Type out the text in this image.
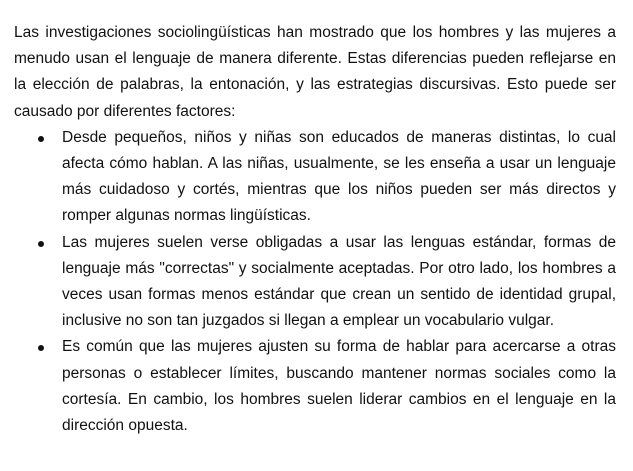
Las investigaciones sociolingüísticas han mostrado que los hombres y las mujeres a menudo usan el lenguaje de manera diferente. Estas diferencias pueden reflejarse en la elección de palabras, la entonación, y las estrategias discursivas. Esto puede ser causado por diferentes factores:

Desde pequeños, niños y niñas son educados de maneras distintas, lo cual afecta cómo hablan. A las niñas, usualmente, se les enseña a usar un lenguaje más cuidadoso y cortés, mientras que los niños pueden ser más directos y romper algunas normas lingüísticas.
Las mujeres suelen verse obligadas a usar las lenguas estándar, formas de lenguaje más "correctas" y socialmente aceptadas. Por otro lado, los hombres a veces usan formas menos estándar que crean un sentido de identidad grupal, inclusive no son tan juzgados si llegan a emplear un vocabulario vulgar.
Es común que las mujeres ajusten su forma de hablar para acercarse a otras personas o establecer límites, buscando mantener normas sociales como la cortesía. En cambio, los hombres suelen liderar cambios en el lenguaje en la dirección opuesta.
